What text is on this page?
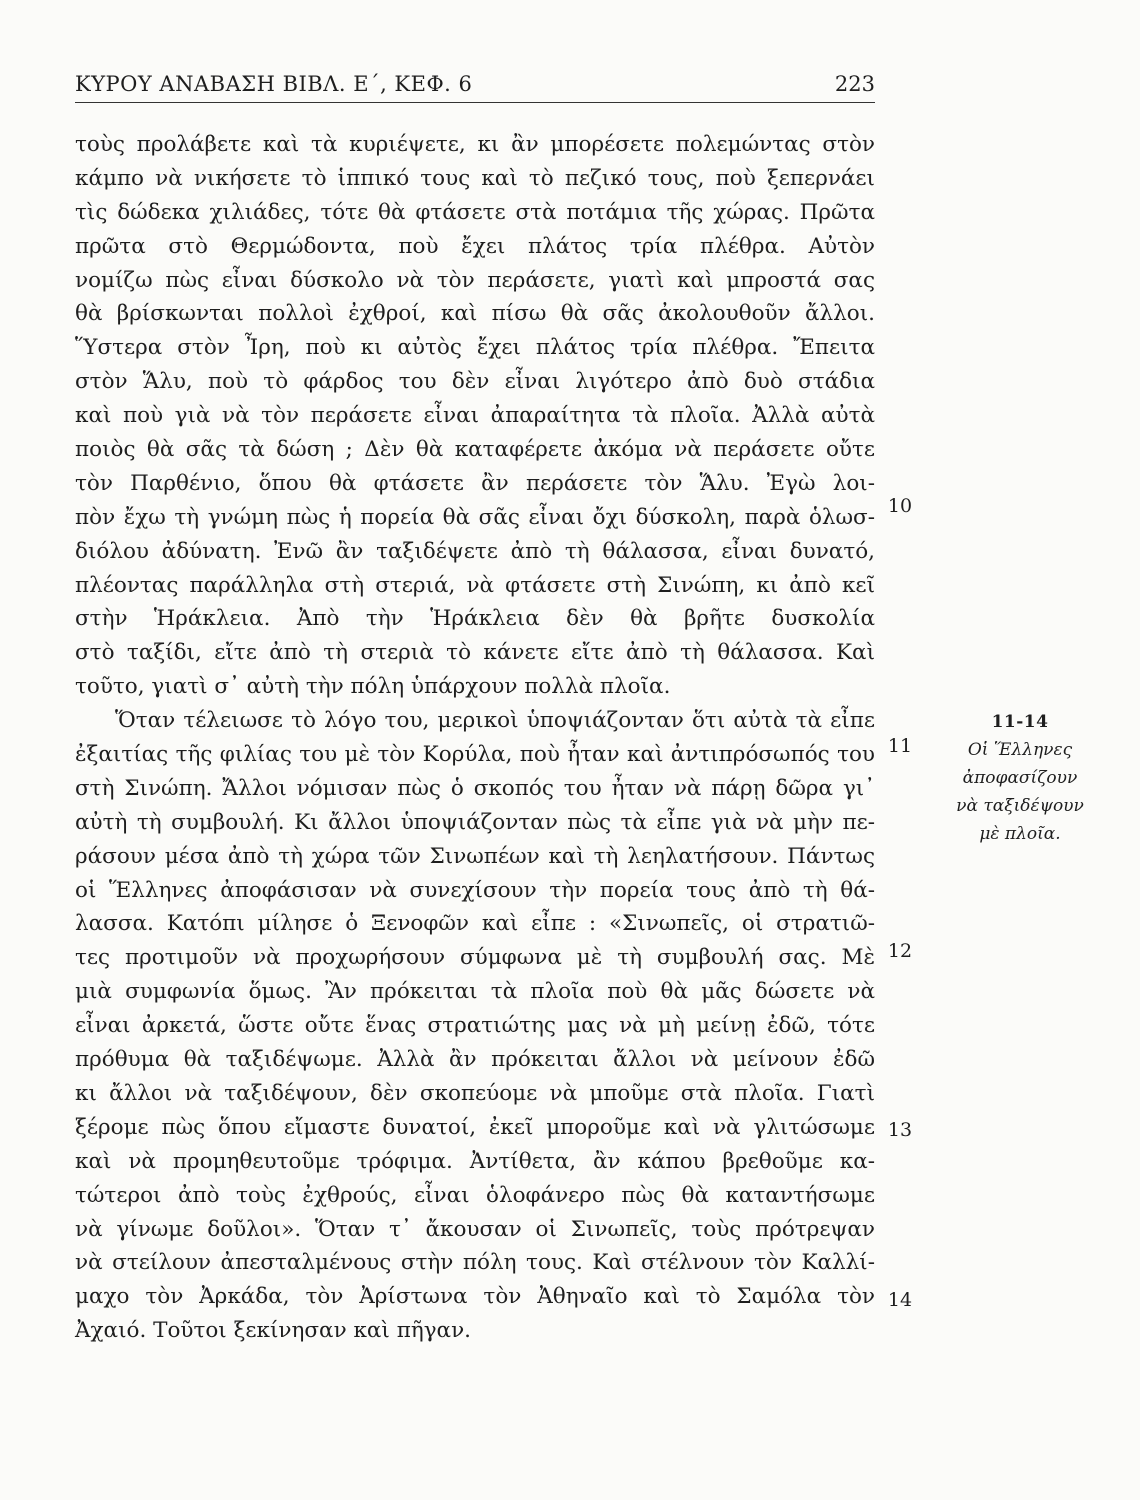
ΚΥΡΟΥ ΑΝΑΒΑΣΗ ΒΙΒΛ. Ε΄, ΚΕΦ. 6	223
τοὺς προλάβετε καὶ τὰ κυριέψετε, κι ἂν μπορέσετε πολεμώντας στὸν
κάμπο νὰ νικήσετε τὸ ἱππικό τους καὶ τὸ πεζικό τους, ποὺ ξεπερνάει
τὶς δώδεκα χιλιάδες, τότε θὰ φτάσετε στὰ ποτάμια τῆς χώρας. Πρῶτα
πρῶτα στὸ Θερμώδοντα, ποὺ ἔχει πλάτος τρία πλέθρα. Αὐτὸν
νομίζω πὼς εἶναι δύσκολο νὰ τὸν περάσετε, γιατὶ καὶ μπροστά σας
θὰ βρίσκωνται πολλοὶ ἐχθροί, καὶ πίσω θὰ σᾶς ἀκολουθοῦν ἄλλοι.
Ὕστερα στὸν Ἶρη, ποὺ κι αὐτὸς ἔχει πλάτος τρία πλέθρα. Ἔπειτα
στὸν Ἅλυ, ποὺ τὸ φάρδος του δὲν εἶναι λιγότερο ἀπὸ δυὸ στάδια
καὶ ποὺ γιὰ νὰ τὸν περάσετε εἶναι ἀπαραίτητα τὰ πλοῖα. Ἀλλὰ αὐτὰ
ποιὸς θὰ σᾶς τὰ δώση ; Δὲν θὰ καταφέρετε ἀκόμα νὰ περάσετε οὔτε
τὸν Παρθένιο, ὅπου θὰ φτάσετε ἂν περάσετε τὸν Ἅλυ. Ἐγὼ λοι-
πὸν ἔχω τὴ γνώμη πὼς ἡ πορεία θὰ σᾶς εἶναι ὄχι δύσκολη, παρὰ ὁλωσ-
διόλου ἀδύνατη. Ἐνῶ ἂν ταξιδέψετε ἀπὸ τὴ θάλασσα, εἶναι δυνατό,
πλέοντας παράλληλα στὴ στεριά, νὰ φτάσετε στὴ Σινώπη, κι ἀπὸ κεῖ
στὴν Ἡράκλεια. Ἀπὸ τὴν Ἡράκλεια δὲν θὰ βρῆτε δυσκολία
στὸ ταξίδι, εἴτε ἀπὸ τὴ στεριὰ τὸ κάνετε εἴτε ἀπὸ τὴ θάλασσα. Καὶ
τοῦτο, γιατὶ σ᾿ αὐτὴ τὴν πόλη ὑπάρχουν πολλὰ πλοῖα.
Ὅταν τέλειωσε τὸ λόγο του, μερικοὶ ὑποψιάζονταν ὅτι αὐτὰ τὰ εἶπε
ἐξαιτίας τῆς φιλίας του μὲ τὸν Κορύλα, ποὺ ἦταν καὶ ἀντιπρόσωπός του
στὴ Σινώπη. Ἄλλοι νόμισαν πὼς ὁ σκοπός του ἦταν νὰ πάρῃ δῶρα γι᾿
αὐτὴ τὴ συμβουλή. Κι ἄλλοι ὑποψιάζονταν πὼς τὰ εἶπε γιὰ νὰ μὴν πε-
ράσουν μέσα ἀπὸ τὴ χώρα τῶν Σινωπέων καὶ τὴ λεηλατήσουν. Πάντως
οἱ Ἕλληνες ἀποφάσισαν νὰ συνεχίσουν τὴν πορεία τους ἀπὸ τὴ θά-
λασσα. Κατόπι μίλησε ὁ Ξενοφῶν καὶ εἶπε : «Σινωπεῖς, οἱ στρατιῶ-
τες προτιμοῦν νὰ προχωρήσουν σύμφωνα μὲ τὴ συμβουλή σας. Μὲ
μιὰ συμφωνία ὅμως. Ἂν πρόκειται τὰ πλοῖα ποὺ θὰ μᾶς δώσετε νὰ
εἶναι ἀρκετά, ὥστε οὔτε ἕνας στρατιώτης μας νὰ μὴ μείνῃ ἐδῶ, τότε
πρόθυμα θὰ ταξιδέψωμε. Ἀλλὰ ἂν πρόκειται ἄλλοι νὰ μείνουν ἐδῶ
κι ἄλλοι νὰ ταξιδέψουν, δὲν σκοπεύομε νὰ μποῦμε στὰ πλοῖα. Γιατὶ
ξέρομε πὼς ὅπου εἴμαστε δυνατοί, ἐκεῖ μποροῦμε καὶ νὰ γλιτώσωμε
καὶ νὰ προμηθευτοῦμε τρόφιμα. Ἀντίθετα, ἂν κάπου βρεθοῦμε κα-
τώτεροι ἀπὸ τοὺς ἐχθρούς, εἶναι ὁλοφάνερο πὼς θὰ καταντήσωμε
νὰ γίνωμε δοῦλοι». Ὅταν τ᾿ ἄκουσαν οἱ Σινωπεῖς, τοὺς πρότρεψαν
νὰ στείλουν ἀπεσταλμένους στὴν πόλη τους. Καὶ στέλνουν τὸν Καλλί-
μαχο τὸν Ἀρκάδα, τὸν Ἀρίστωνα τὸν Ἀθηναῖο καὶ τὸ Σαμόλα τὸν
Ἀχαιό. Τοῦτοι ξεκίνησαν καὶ πῆγαν.
10
11
12
13
14
11-14
Οἱ Ἕλληνες
ἀποφασίζουν
νὰ ταξιδέψουν
μὲ πλοῖα.
